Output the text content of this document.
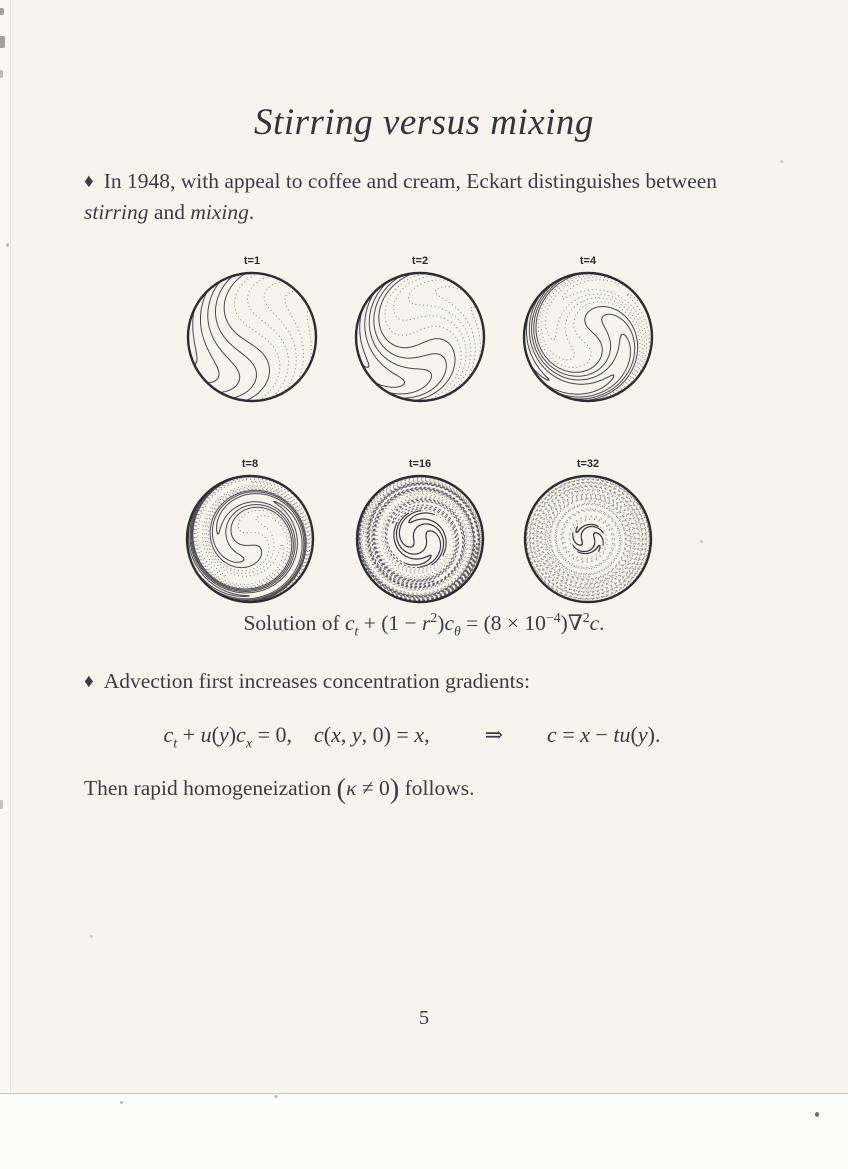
Stirring versus mixing
♦ In 1948, with appeal to coffee and cream, Eckart distinguishes between stirring and mixing.
t=1	t=2	t=4
t=8	t=16	t=32
Solution of $c_t + (1 - r^2)c_\theta = (8 \times 10^{-4})\nabla^2c$.
♦ Advection first increases concentration gradients:
$c_t + u(y)c_x = 0$,  c(x, y, 0) = x,   ⇒  c = x − tu(y).
Then rapid homogeneization (κ ≠ 0) follows.
5
